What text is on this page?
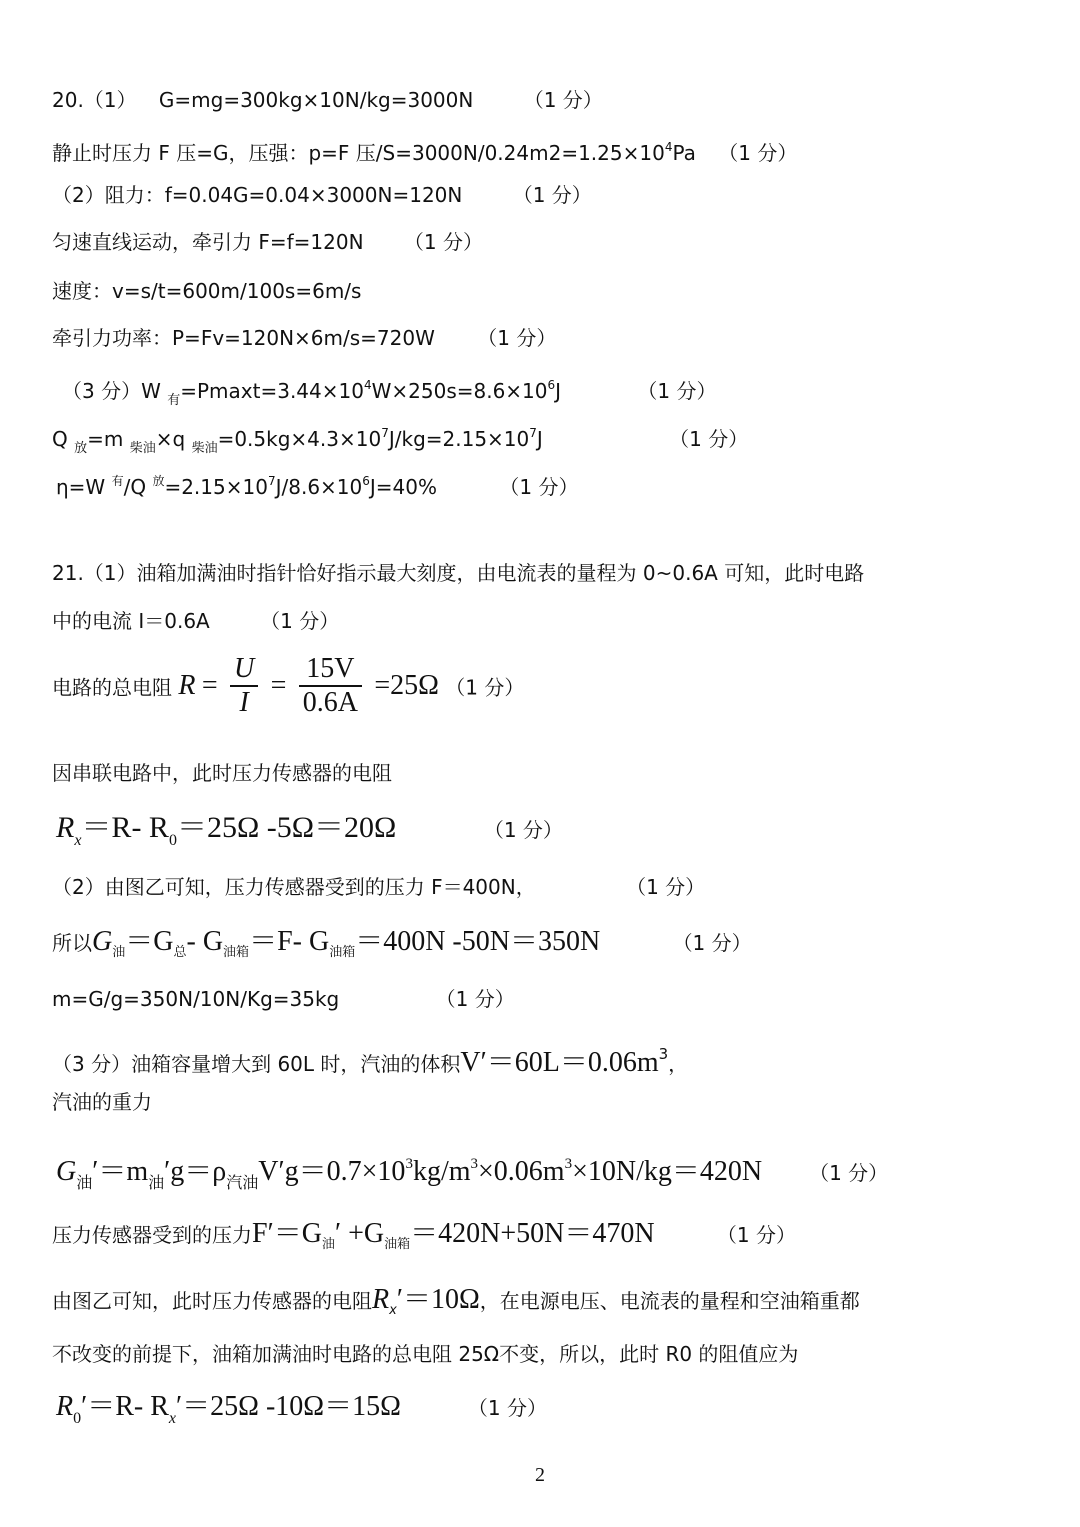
20.（1） G=mg=300kg×10N/kg=3000N	（1 分）
静止时压力 F 压=G，压强：p=F 压$/S=3000N/0.24m2=1.25\times 10^4Pa$ （1 分）
（2）阻力：f=0.04G=0.04×3000N=120N	（1 分）
匀速直线运动，牵引力 F=f=120N （1 分）
速度：v=s/t=600m/100s=6m/s
牵引力功率：P=Fv=120N×6m/s=720W （1 分）
（3 分）W $_有=Pmaxt=3.44\times 10^4W\times 250s=8.6\times 10^6J$	（1 分）
Q $_放$=m $_{柴油}$×q $_{柴油}=0.5kg\times 4.3\times 10^7J/kg=2.15\times 10^7J$	（1 分）
η=W $^有$/Q $^放=2.15\times 10^7J/8.6\times 10^6J=40\%$	（1 分）
21.（1）油箱加满油时指针恰好指示最大刻度，由电流表的量程为 0~0.6A 可知，此时电路
中的电流 I＝0.6A	（1 分）
电路的总电阻 $R = \frac{U}{I} = \frac{15V}{0.6A} =25\Omega$ （1 分）
因串联电路中，此时压力传感器的电阻
$R_x=R-$ $R_0=25\Omega$ -5Ω＝20Ω	（1 分）
（2）由图乙可知，压力传感器受到的压力 F＝400N，	（1 分）
所以$G_油=G_总-$ $G_{油箱}=F-$ $G_{油箱}=400N$ -50N＝350N	（1 分）
m=G/g=350N/10N/Kg=35kg	（1 分）
（3 分）油箱容量增大到 60L 时，汽油的体积$V'=60L=0.06m^3$，
汽油的重力
$G_油'=m_油'g=\rho_{汽油}V'g=0.7\times 10^3kg/m^3\times 0.06m^3\times 10N/kg=420N$ （1 分）
压力传感器受到的压力$F'=G_油' +G_{油箱}=420N+50N=470N$	（1 分）
由图乙可知，此时压力传感器的电阻$R_x'=10\Omega$，在电源电压、电流表的量程和空油箱重都
不改变的前提下，油箱加满油时电路的总电阻 25Ω不变，所以，此时 R0 的阻值应为
$R_0'=R-$ $R_x'=25\Omega$ -10Ω＝15Ω	（1 分）
2
